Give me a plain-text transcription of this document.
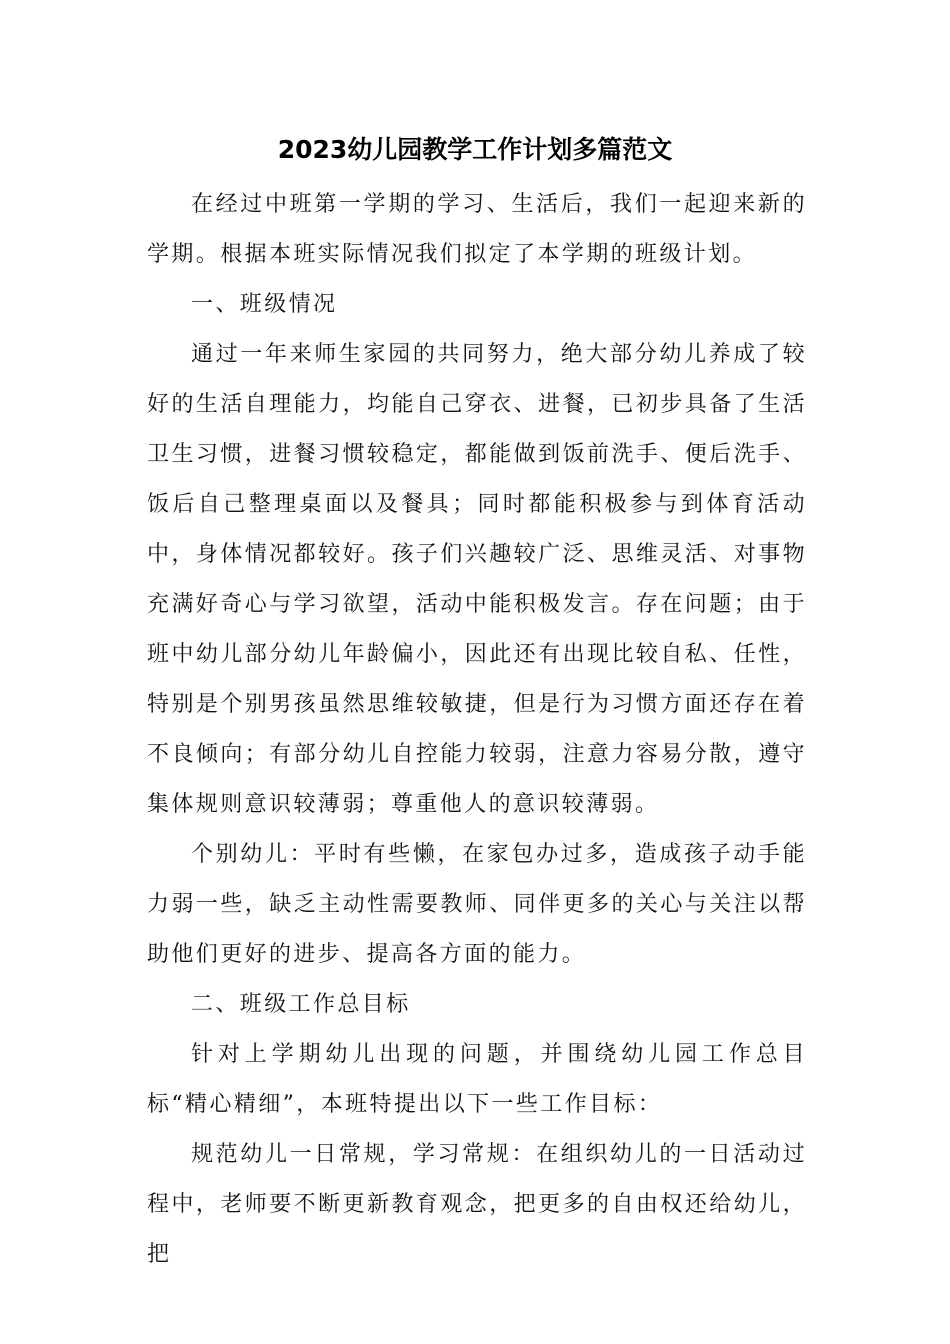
2023幼儿园教学工作计划多篇范文

在经过中班第一学期的学习、生活后，我们一起迎来新的学期。根据本班实际情况我们拟定了本学期的班级计划。

一、班级情况

通过一年来师生家园的共同努力，绝大部分幼儿养成了较好的生活自理能力，均能自己穿衣、进餐，已初步具备了生活卫生习惯，进餐习惯较稳定，都能做到饭前洗手、便后洗手、饭后自己整理桌面以及餐具；同时都能积极参与到体育活动中，身体情况都较好。孩子们兴趣较广泛、思维灵活、对事物充满好奇心与学习欲望，活动中能积极发言。存在问题；由于班中幼儿部分幼儿年龄偏小，因此还有出现比较自私、任性，特别是个别男孩虽然思维较敏捷，但是行为习惯方面还存在着不良倾向；有部分幼儿自控能力较弱，注意力容易分散，遵守集体规则意识较薄弱；尊重他人的意识较薄弱。

个别幼儿：平时有些懒，在家包办过多，造成孩子动手能力弱一些，缺乏主动性需要教师、同伴更多的关心与关注以帮助他们更好的进步、提高各方面的能力。

二、班级工作总目标

针对上学期幼儿出现的问题，并围绕幼儿园工作总目标“精心精细”，本班特提出以下一些工作目标：

规范幼儿一日常规，学习常规：在组织幼儿的一日活动过程中，老师要不断更新教育观念，把更多的自由权还给幼儿，把
